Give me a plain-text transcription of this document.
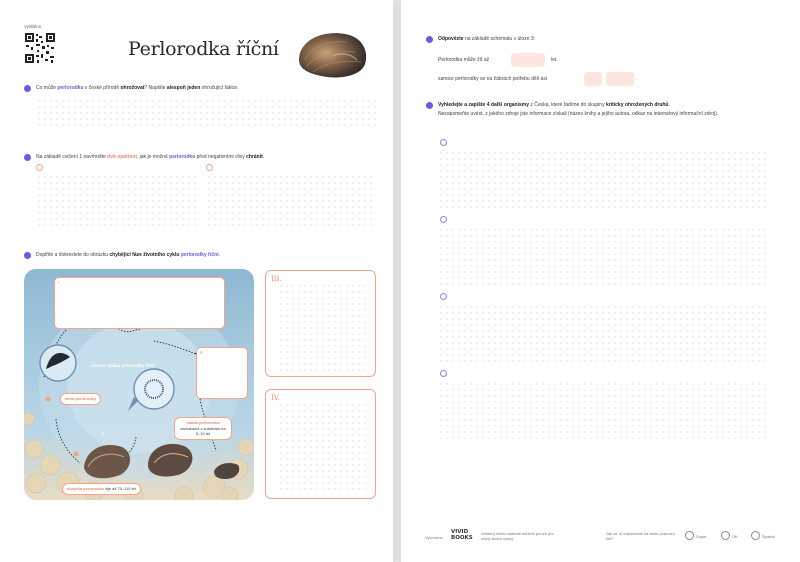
Vytištěno
Perlorodka říční
Co může perlorodku v české přírodě ohrožovat? Napište alespoň jeden ohrožující faktor.
Na základě cvičení 1 navrhněte dvě opatření, jak je možné perlorodku před negativními vlivy chránit.
Doplňte a dokreslete do obrázku chybějící fáze životního cyklu perlorodky říční.
I.
II.
životní cyklus perlorodky říční
larva perlorodky
mladá perlorodka
zahrabaná v substrátu na 5–10 let
♀	♂
dospělá perlorodka žije až 70–110 let
III.
IV.
Odpovězte na základě schématu v úloze 3:
Perlorodka může žít až	let.
samice perlorodky se na žábrách potřebu dělí asi	.
Vyhledejte a zapište 4 další organismy z Česka, které řadíme do skupiny kriticky ohrožených druhů.
Nezapomeňte uvést, z jakého zdroje jste informace získali (název knihy a jejího autora, odkaz na internetový informační zdroj).
Vytvořeno
VIVID
BOOKS
Veškerý tento materiál můžete pouze pro účely školní výuky.
Jak se Vi odpovídalo na tento pracovní list?	Super	OK	Špatně
